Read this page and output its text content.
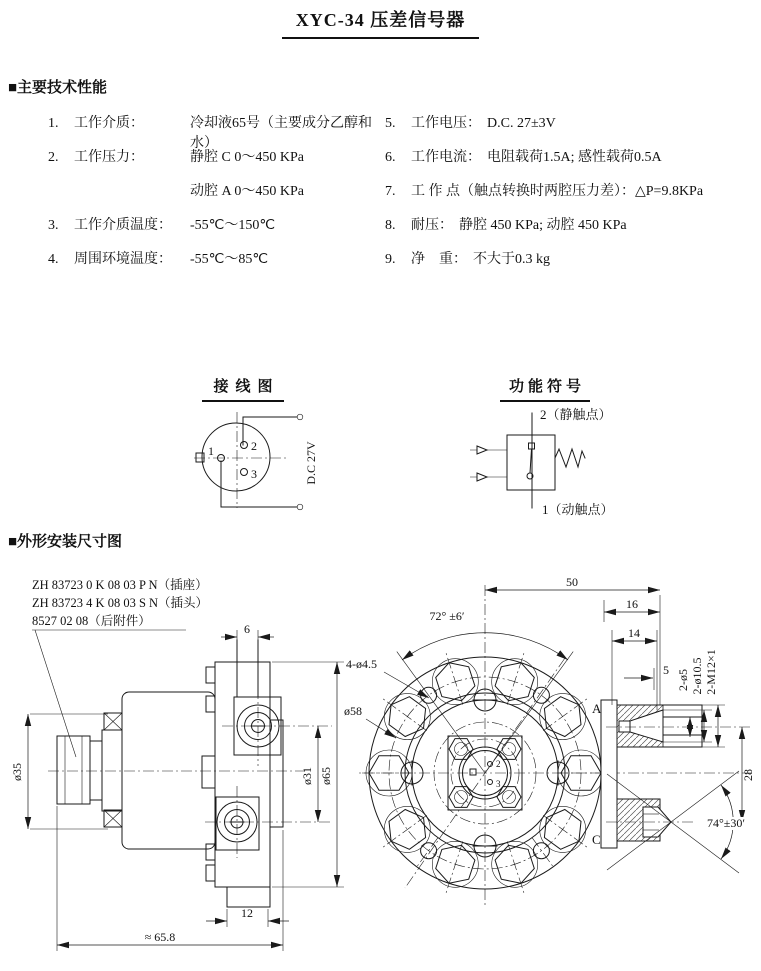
XYC-34 压差信号器
■主要技术性能
1.	工作介质：	冷却液65号（主要成分乙醇和水）
2.	工作压力：	静腔 C 0～450 KPa
动腔 A 0～450 KPa
3.	工作介质温度：	-55℃～150℃
4.	周围环境温度：	-55℃～85℃
5.	工作电压： D.C. 27±3V
6.	工作电流： 电阻载荷1.5A; 感性载荷0.5A
7.	工 作 点（触点转换时两腔压力差）： △P=9.8KPa
8.	耐压： 静腔 450 KPa; 动腔 450 KPa
9.	净　重： 不大于0.3 kg
接线图	功能符号
1	2
3	D.C 27V
2（静触点）
1（动触点）
■外形安装尺寸图
ZH 83723 0 K 08 03 P N（插座）
ZH 83723 4 K 08 03 S N（插头）
8527 02 08（后附件）
6
ø35	ø31 ø65
12
≈ 65.8
2
3
A
C
50
16
14
5
72° ±6′
4-ø4.5
ø58
2-ø5 2-ø10.5 2-M12×1
28
74°±30′
